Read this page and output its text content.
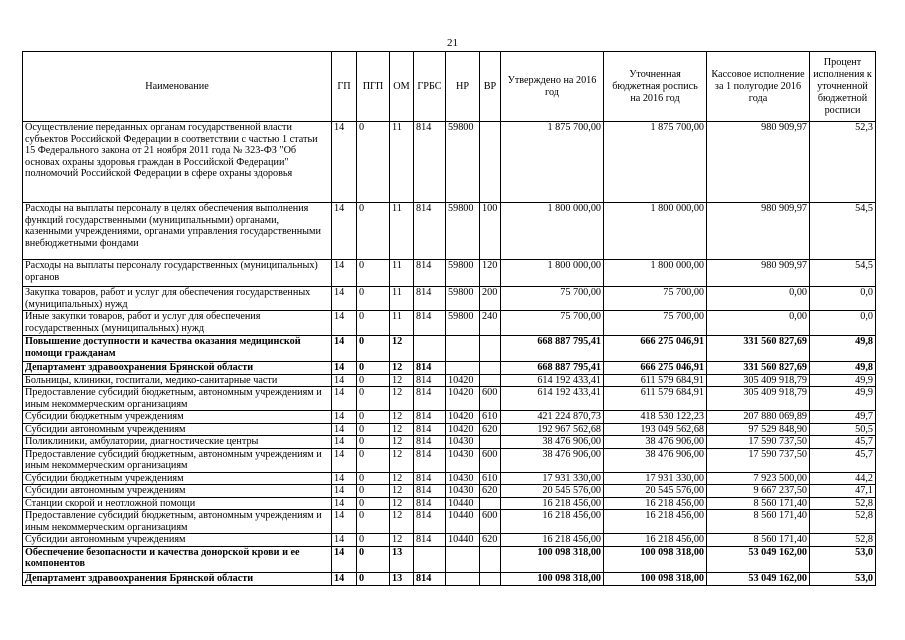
21
Наименование	ГП	ПГП	ОМ	ГРБС	НР	ВР	Утверждено на 2016 год	Уточненная бюджетная роспись на 2016 год	Кассовое исполнение за 1 полугодие 2016 года	Процент исполнения к уточненной бюджетной росписи
Осуществление переданных органам государственной власти субъектов Российской Федерации в соответствии с частью 1 статьи 15 Федерального закона от 21 ноября 2011 года № 323-ФЗ "Об основах охраны здоровья граждан в Российской Федерации" полномочий Российской Федерации в сфере охраны здоровья	14	0	11	814	59800		1 875 700,00	1 875 700,00	980 909,97	52,3
Расходы на выплаты персоналу в целях обеспечения выполнения функций государственными (муниципальными) органами, казенными учреждениями, органами управления государственными внебюджетными фондами	14	0	11	814	59800	100	1 800 000,00	1 800 000,00	980 909,97	54,5
Расходы на выплаты персоналу государственных (муниципальных) органов	14	0	11	814	59800	120	1 800 000,00	1 800 000,00	980 909,97	54,5
Закупка товаров, работ и услуг для обеспечения государственных (муниципальных) нужд	14	0	11	814	59800	200	75 700,00	75 700,00	0,00	0,0
Иные закупки товаров, работ и услуг для обеспечения государственных (муниципальных) нужд	14	0	11	814	59800	240	75 700,00	75 700,00	0,00	0,0
Повышение доступности и качества оказания медицинской помощи гражданам	14	0	12				668 887 795,41	666 275 046,91	331 560 827,69	49,8
Департамент здравоохранения Брянской области	14	0	12	814			668 887 795,41	666 275 046,91	331 560 827,69	49,8
Больницы, клиники, госпитали, медико-санитарные части	14	0	12	814	10420		614 192 433,41	611 579 684,91	305 409 918,79	49,9
Предоставление субсидий бюджетным, автономным учреждениям и иным некоммерческим организациям	14	0	12	814	10420	600	614 192 433,41	611 579 684,91	305 409 918,79	49,9
Субсидии бюджетным учреждениям	14	0	12	814	10420	610	421 224 870,73	418 530 122,23	207 880 069,89	49,7
Субсидии автономным учреждениям	14	0	12	814	10420	620	192 967 562,68	193 049 562,68	97 529 848,90	50,5
Поликлиники, амбулатории, диагностические центры	14	0	12	814	10430		38 476 906,00	38 476 906,00	17 590 737,50	45,7
Предоставление субсидий бюджетным, автономным учреждениям и иным некоммерческим организациям	14	0	12	814	10430	600	38 476 906,00	38 476 906,00	17 590 737,50	45,7
Субсидии бюджетным учреждениям	14	0	12	814	10430	610	17 931 330,00	17 931 330,00	7 923 500,00	44,2
Субсидии автономным учреждениям	14	0	12	814	10430	620	20 545 576,00	20 545 576,00	9 667 237,50	47,1
Станции скорой и неотложной помощи	14	0	12	814	10440		16 218 456,00	16 218 456,00	8 560 171,40	52,8
Предоставление субсидий бюджетным, автономным учреждениям и иным некоммерческим организациям	14	0	12	814	10440	600	16 218 456,00	16 218 456,00	8 560 171,40	52,8
Субсидии автономным учреждениям	14	0	12	814	10440	620	16 218 456,00	16 218 456,00	8 560 171,40	52,8
Обеспечение безопасности и качества донорской крови и ее компонентов	14	0	13				100 098 318,00	100 098 318,00	53 049 162,00	53,0
Департамент здравоохранения Брянской области	14	0	13	814			100 098 318,00	100 098 318,00	53 049 162,00	53,0
